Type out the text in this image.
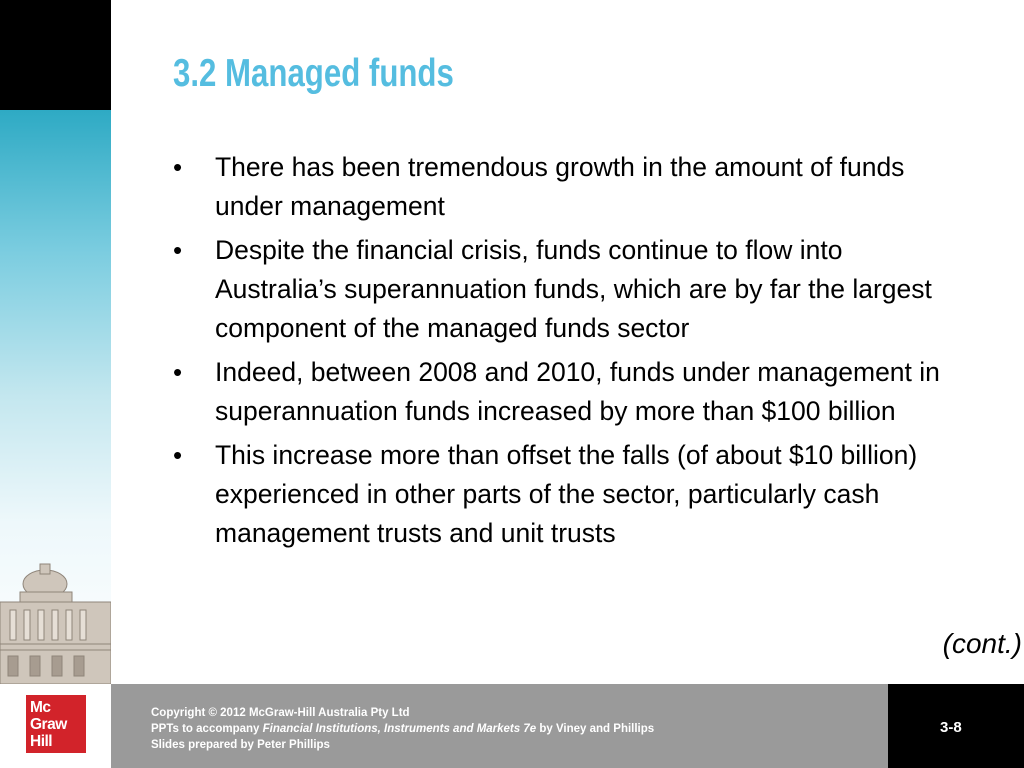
3.2 Managed funds
• There has been tremendous growth in the amount of funds under management
• Despite the financial crisis, funds continue to flow into Australia’s superannuation funds, which are by far the largest component of the managed funds sector
• Indeed, between 2008 and 2010, funds under management in superannuation funds increased by more than $100 billion
• This increase more than offset the falls (of about $10 billion) experienced in other parts of the sector, particularly cash management trusts and unit trusts
(cont.)
Mc
Graw
Hill
Copyright © 2012 McGraw-Hill Australia Pty Ltd
PPTs to accompany Financial Institutions, Instruments and Markets 7e by Viney and Phillips
Slides prepared by Peter Phillips
3-8
